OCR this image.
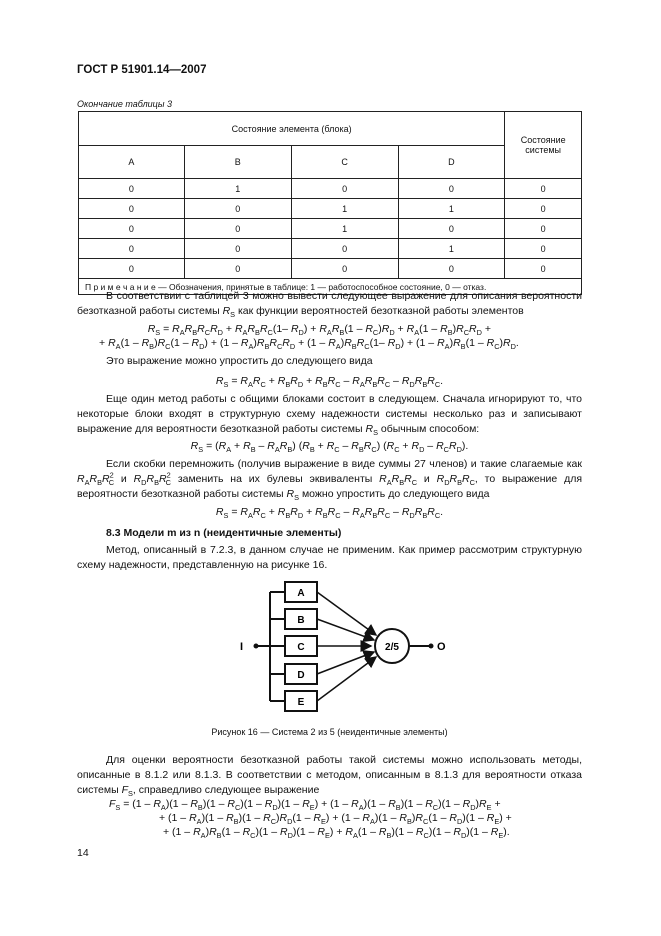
ГОСТ Р 51901.14—2007
Окончание таблицы 3
Состояние элемента (блока)				Состояние системы
A	B	C	D	
0	1	0	0	0
0	0	1	1	0
0	0	1	0	0
0	0	0	1	0
0	0	0	0	0
П р и м е ч а н и е — Обозначения, принятые в таблице: 1 — работоспособное состояние, 0 — отказ.				
В соответствии с таблицей 3 можно вывести следующее выражение для описания вероятности безотказной работы системы $R_S$ как функции вероятностей безотказной работы элементов
$R_S = R_AR_BR_CR_D + R_AR_BR_C(1-$ $R_D) + R_AR_B(1 - R_C)R_D + R_A(1 - R_B)R_CR_D$ +
+ $R_A(1 - R_B)R_C(1 - R_D) + (1 - R_A)R_BR_CR_D + (1 - R_A)R_BR_C(1-$ $R_D) + (1 - R_A)R_B(1 - R_C)R_D$.
Это выражение можно упростить до следующего вида
$R_S = R_AR_C + R_BR_D + R_BR_C - R_AR_BR_C - R_DR_BR_C$.
Еще один метод работы с общими блоками состоит в следующем. Сначала игнорируют то, что некоторые блоки входят в структурную схему надежности системы несколько раз и записывают выражение для вероятности безотказной работы системы $R_S$ обычным способом:
$R_S = (R_A + R_B - R_AR_B) (R_B + R_C - R_BR_C) (R_C + R_D - R_CR_D)$.
Если скобки перемножить (получив выражение в виде суммы 27 членов) и такие слагаемые как $R_AR_BR^2_C$ и $R_DR_BR^2_C$ заменить на их булевы эквиваленты $R_AR_BR_C$ и $R_DR_BR_C$, то выражение для вероятности безотказной работы системы $R_S$ можно упростить до следующего вида
$R_S = R_AR_C + R_BR_D + R_BR_C - R_AR_BR_C - R_DR_BR_C$.
8.3 Модели m из n (неидентичные элементы)
Метод, описанный в 7.2.3, в данном случае не применим. Как пример рассмотрим структурную схему надежности, представленную на рисунке 16.
I	O
A
B
C
D
E
2/5
Рисунок 16 — Система 2 из 5 (неидентичные элементы)
Для оценки вероятности безотказной работы такой системы можно использовать методы, описанные в 8.1.2 или 8.1.3. В соответствии с методом, описанным в 8.1.3 для вероятности отказа системы $F_S$, справедливо следующее выражение
$F_S = (1 - R_A)(1 - R_B)(1 - R_C)(1 - R_D)(1 - R_E) + (1 - R_A)(1 - R_B)(1 - R_C)(1 - R_D)R_E$ +
+ $(1 - R_A)(1 - R_B)(1 - R_C)R_D(1 - R_E) + (1 - R_A)(1 - R_B)R_C(1 - R_D)(1 - R_E)$ +
+ $(1 - R_A)R_B(1 - R_C)(1 - R_D)(1 - R_E) + R_A(1 - R_B)(1 - R_C)(1 - R_D)(1 - R_E)$.
14
